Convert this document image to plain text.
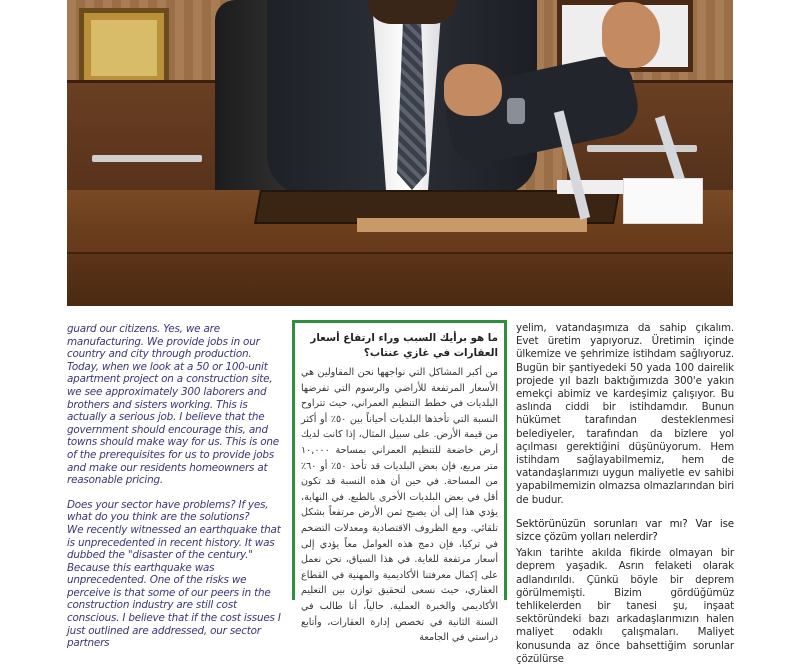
guard our citizens. Yes, we are manufacturing. We provide jobs in our country and city through production. Today, when we look at a 50 or 100-unit apartment project on a construction site, we see approximately 300 laborers and brothers and sisters working. This is actually a serious job. I believe that the government should encourage this, and towns should make way for us. This is one of the prerequisites for us to provide jobs and make our residents homeowners at reasonable pricing.

Does your sector have problems? If yes, what do you think are the solutions?

We recently witnessed an earthquake that is unprecedented in recent history. It was dubbed the "disaster of the century." Because this earthquake was unprecedented. One of the risks we perceive is that some of our peers in the construction industry are still cost conscious. I believe that if the cost issues I just outlined are addressed, our sector partners

ما هو برأيك السبب وراء ارتفاع أسعار العقارات في غازي عنتاب؟
من أكبر المشاكل التي نواجهها نحن المقاولين هي الأسعار المرتفعة للأراضي والرسوم التي تفرضها البلديات في خطط التنظيم العمراني، حيث تتراوح النسبة التي تأخذها البلديات أحياناً بين ٥٠٪ أو أكثر من قيمة الأرض. على سبيل المثال، إذا كانت لديك أرض خاضعة للتنظيم العمراني بمساحة ١٠,٠٠٠ متر مربع، فإن بعض البلديات قد تأخذ ٥٠٪ أو ٦٠٪ من المساحة. في حين أن هذه النسبة قد تكون أقل في بعض البلديات الأخرى بالطبع. في النهاية، يؤدي هذا إلى أن يصبح ثمن الأرض مرتفعاً بشكل تلقائي. ومع الظروف الاقتصادية ومعدلات التضخم في تركيا، فإن دمج هذه العوامل معاً يؤدي إلى أسعار مرتفعة للغاية. في هذا السياق، نحن نعمل على إكمال معرفتنا الأكاديمية والمهنية في القطاع العقاري، حيث نسعى لتحقيق توازن بين التعليم الأكاديمي والخبرة العملية. حالياً، أنا طالب في السنة الثانية في تخصص إدارة العقارات، وأتابع دراستي في الجامعة

yelim, vatandaşımıza da sahip çıkalım. Evet üretim yapıyoruz. Üretimin içinde ülkemize ve şehrimize istihdam sağlıyoruz. Bugün bir şantiyedeki 50 yada 100 dairelik projede yıl bazlı baktığımızda 300'e yakın emekçi abimiz ve kardeşimiz çalışıyor. Bu aslında ciddi bir istihdamdır. Bunun hükümet tarafından desteklenmesi belediyeler, tarafından da bizlere yol açılması gerektiğini düşünüyorum. Hem istihdam sağlayabilmemiz, hem de vatandaşlarımızı uygun maliyetle ev sahibi yapabilmemizin olmazsa olmazlarından biri de budur.

Sektörünüzün sorunları var mı? Var ise sizce çözüm yolları nelerdir?

Yakın tarihte akılda fikirde olmayan bir deprem yaşadık. Asrın felaketi olarak adlandırıldı. Çünkü böyle bir deprem görülmemişti. Bizim gördüğümüz tehlikelerden bir tanesi şu, inşaat sektöründeki bazı arkadaşlarımızın halen maliyet odaklı çalışmaları. Maliyet konusunda az önce bahsettiğim sorunlar çözülürse
